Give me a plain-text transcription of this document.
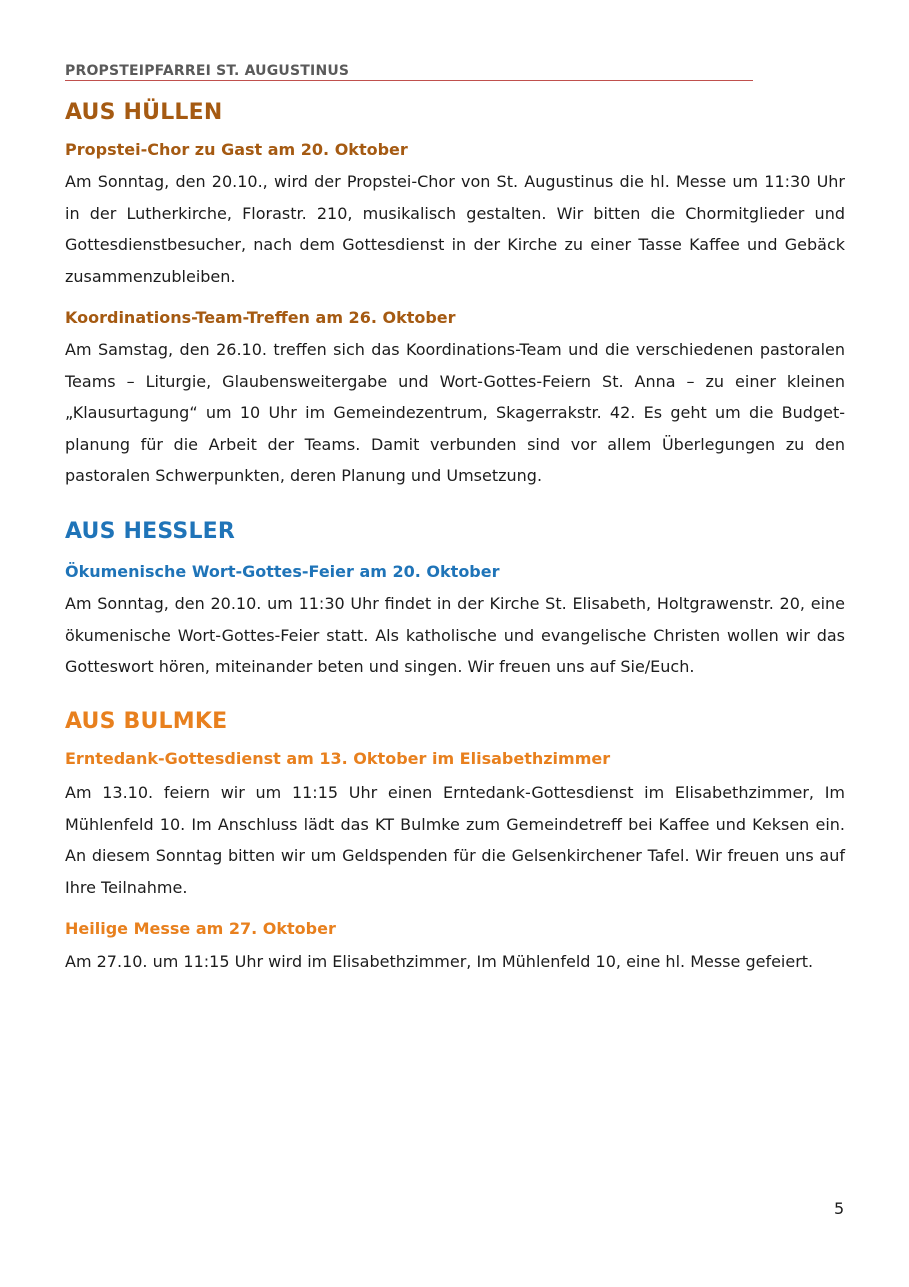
PROPSTEIPFARREI ST. AUGUSTINUS
AUS HÜLLEN
Propstei-Chor zu Gast am 20. Oktober

Am Sonntag, den 20.10., wird der Propstei-Chor von St. Augustinus die hl. Messe um 11:30 Uhr in der Lutherkirche, Florastr. 210, musikalisch gestalten. Wir bitten die Chormitglieder und Gottesdienstbesucher, nach dem Gottesdienst in der Kirche zu einer Tasse Kaffee und Gebäck zusammenzubleiben.

Koordinations-Team-Treffen am 26. Oktober

Am Samstag, den 26.10. treffen sich das Koordinations-Team und die verschiedenen pastoralen Teams – Liturgie, Glaubensweitergabe und Wort-Gottes-Feiern St. Anna – zu einer kleinen „Klausurtagung“ um 10 Uhr im Gemeindezentrum, Skagerrakstr. 42. Es geht um die Budgetplanung für die Arbeit der Teams. Damit verbunden sind vor allem Überlegungen zu den pastoralen Schwerpunkten, deren Planung und Umsetzung.

AUS HESSLER
Ökumenische Wort-Gottes-Feier am 20. Oktober

Am Sonntag, den 20.10. um 11:30 Uhr findet in der Kirche St. Elisabeth, Holtgrawenstr. 20, eine ökumenische Wort-Gottes-Feier statt. Als katholische und evangelische Christen wollen wir das Gotteswort hören, miteinander beten und singen. Wir freuen uns auf Sie/Euch.

AUS BULMKE
Erntedank-Gottesdienst am 13. Oktober im Elisabethzimmer

Am 13.10. feiern wir um 11:15 Uhr einen Erntedank-Gottesdienst im Elisabethzimmer, Im Mühlenfeld 10. Im Anschluss lädt das KT Bulmke zum Gemeindetreff bei Kaffee und Keksen ein. An diesem Sonntag bitten wir um Geldspenden für die Gelsenkirchener Tafel. Wir freuen uns auf Ihre Teilnahme.

Heilige Messe am 27. Oktober

Am 27.10. um 11:15 Uhr wird im Elisabethzimmer, Im Mühlenfeld 10, eine hl. Messe gefeiert.

5
